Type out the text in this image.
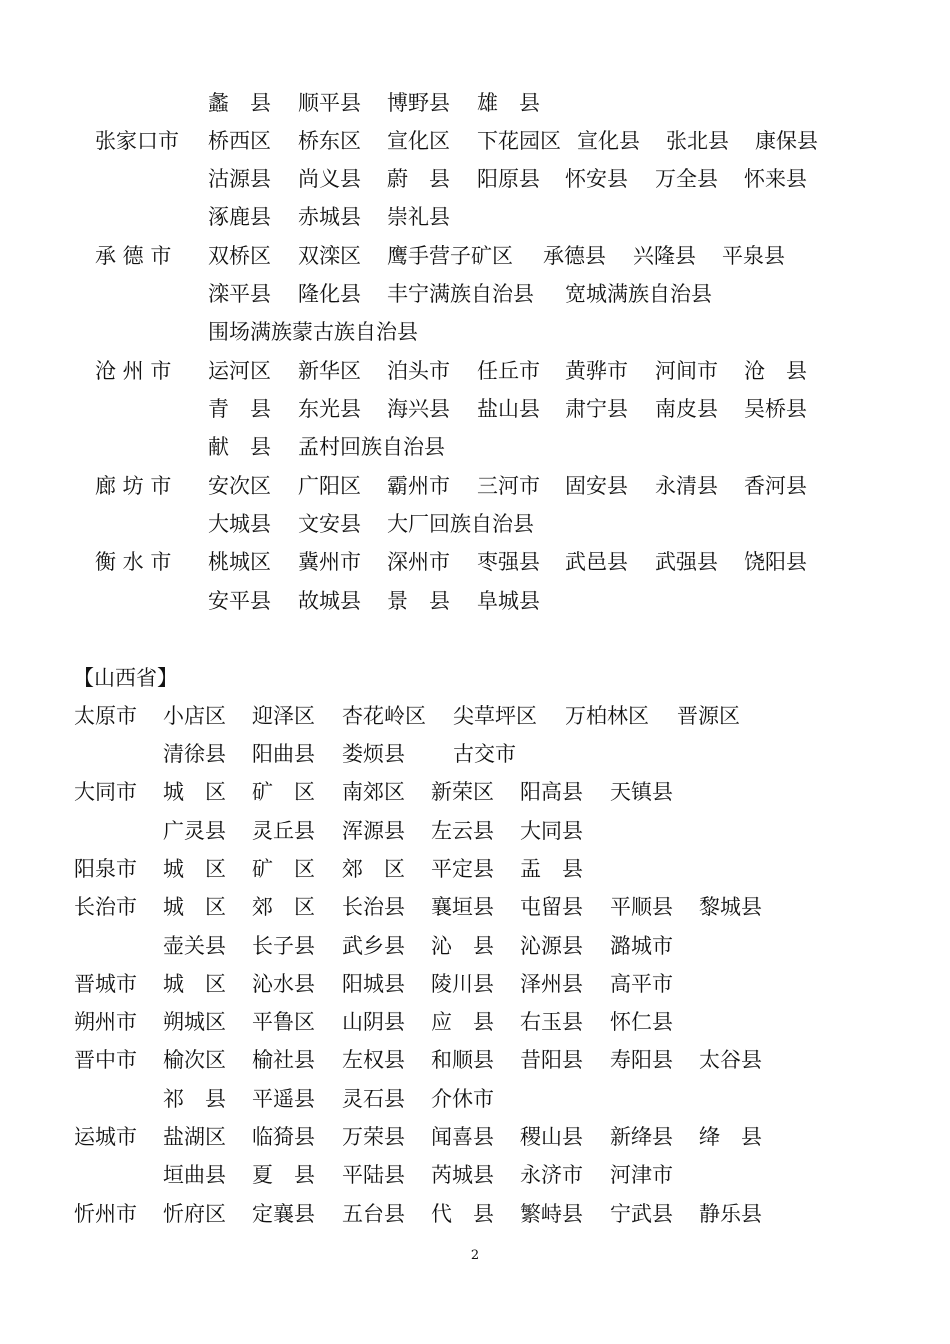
蠡　县 顺平县 博野县 雄　县
张家口市 桥西区 桥东区 宣化区 下花园区 宣化县 张北县 康保县
沽源县 尚义县 蔚　县 阳原县 怀安县 万全县 怀来县
涿鹿县 赤城县 崇礼县
承 德 市 双桥区 双滦区 鹰手营子矿区 承德县 兴隆县 平泉县
滦平县 隆化县 丰宁满族自治县 宽城满族自治县
围场满族蒙古族自治县
沧 州 市 运河区 新华区 泊头市 任丘市 黄骅市 河间市 沧　县
青　县 东光县 海兴县 盐山县 肃宁县 南皮县 吴桥县
献　县 孟村回族自治县
廊 坊 市 安次区 广阳区 霸州市 三河市 固安县 永清县 香河县
大城县 文安县 大厂回族自治县
衡 水 市 桃城区 冀州市 深州市 枣强县 武邑县 武强县 饶阳县
安平县 故城县 景　县 阜城县
【山西省】
太原市 小店区 迎泽区 杏花岭区 尖草坪区 万柏林区 晋源区
清徐县 阳曲县 娄烦县 古交市
大同市 城　区 矿　区 南郊区 新荣区 阳高县 天镇县
广灵县 灵丘县 浑源县 左云县 大同县
阳泉市 城　区 矿　区 郊　区 平定县 盂　县
长治市 城　区 郊　区 长治县 襄垣县 屯留县 平顺县 黎城县
壶关县 长子县 武乡县 沁　县 沁源县 潞城市
晋城市 城　区 沁水县 阳城县 陵川县 泽州县 高平市
朔州市 朔城区 平鲁区 山阴县 应　县 右玉县 怀仁县
晋中市 榆次区 榆社县 左权县 和顺县 昔阳县 寿阳县 太谷县
祁　县 平遥县 灵石县 介休市
运城市 盐湖区 临猗县 万荣县 闻喜县 稷山县 新绛县 绛　县
垣曲县 夏　县 平陆县 芮城县 永济市 河津市
忻州市 忻府区 定襄县 五台县 代　县 繁峙县 宁武县 静乐县
2
